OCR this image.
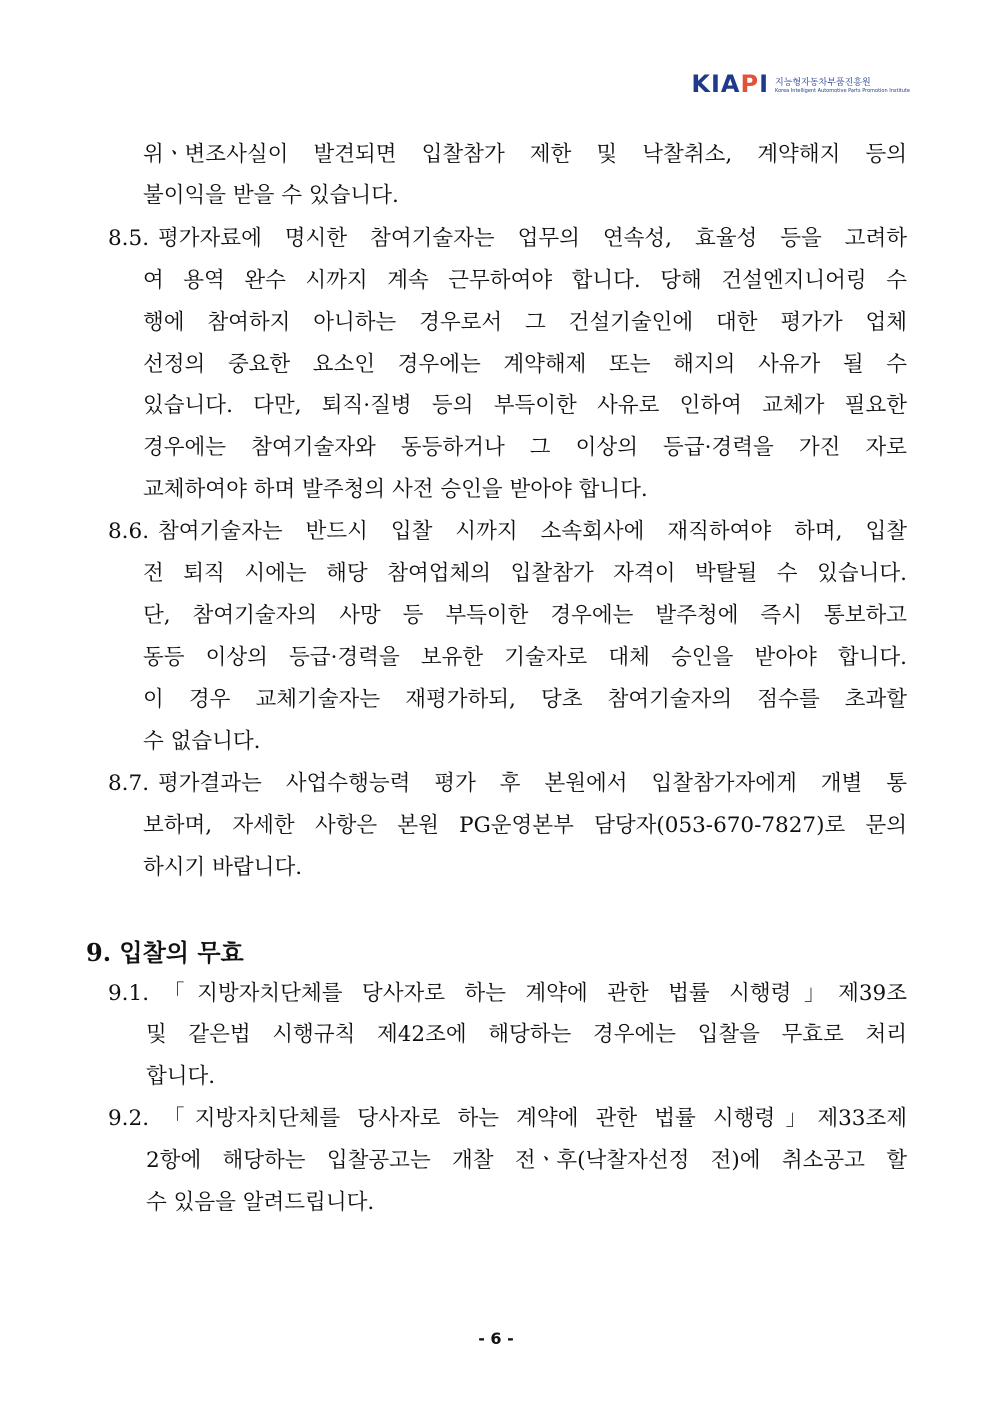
KIAPI 지능형자동차부품진흥원
Korea Intelligent Automotive Parts Promotion Institute
위ㆍ변조사실이 발견되면 입찰참가 제한 및 낙찰취소, 계약해지 등의
불이익을 받을 수 있습니다.
8.5. 평가자료에 명시한 참여기술자는 업무의 연속성, 효율성 등을 고려하
여 용역 완수 시까지 계속 근무하여야 합니다. 당해 건설엔지니어링 수
행에 참여하지 아니하는 경우로서 그 건설기술인에 대한 평가가 업체
선정의 중요한 요소인 경우에는 계약해제 또는 해지의 사유가 될 수
있습니다. 다만, 퇴직·질병 등의 부득이한 사유로 인하여 교체가 필요한
경우에는 참여기술자와 동등하거나 그 이상의 등급·경력을 가진 자로
교체하여야 하며 발주청의 사전 승인을 받아야 합니다.
8.6. 참여기술자는 반드시 입찰 시까지 소속회사에 재직하여야 하며, 입찰
전 퇴직 시에는 해당 참여업체의 입찰참가 자격이 박탈될 수 있습니다.
단, 참여기술자의 사망 등 부득이한 경우에는 발주청에 즉시 통보하고
동등 이상의 등급·경력을 보유한 기술자로 대체 승인을 받아야 합니다.
이 경우 교체기술자는 재평가하되, 당초 참여기술자의 점수를 초과할
수 없습니다.
8.7. 평가결과는 사업수행능력 평가 후 본원에서 입찰참가자에게 개별 통
보하며, 자세한 사항은 본원 PG운영본부 담당자(053-670-7827)로 문의
하시기 바랍니다.
9. 입찰의 무효
9.1. 「지방자치단체를 당사자로 하는 계약에 관한 법률 시행령」제39조
및 같은법 시행규칙 제42조에 해당하는 경우에는 입찰을 무효로 처리
합니다.
9.2. 「지방자치단체를 당사자로 하는 계약에 관한 법률 시행령」제33조제
2항에 해당하는 입찰공고는 개찰 전ㆍ후(낙찰자선정 전)에 취소공고 할
수 있음을 알려드립니다.
- 6 -
